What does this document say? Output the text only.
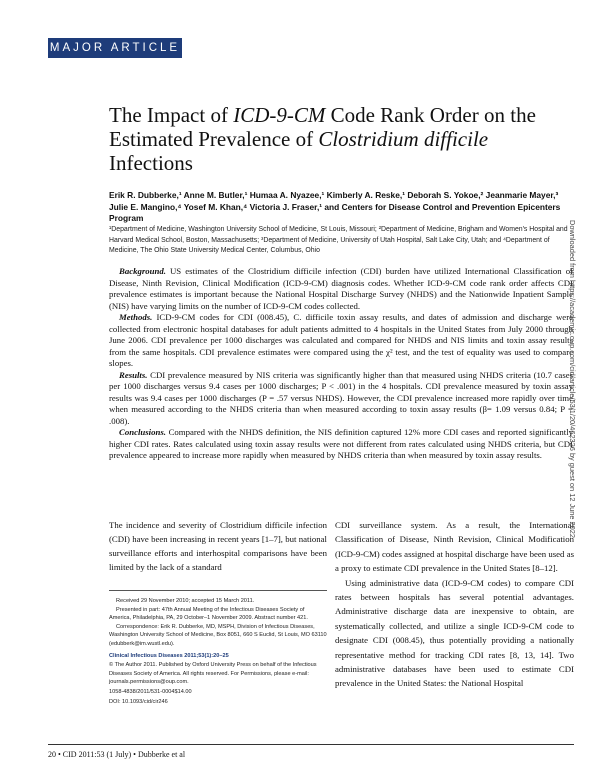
MAJOR ARTICLE
The Impact of ICD-9-CM Code Rank Order on the Estimated Prevalence of Clostridium difficile Infections
Erik R. Dubberke,¹ Anne M. Butler,¹ Humaa A. Nyazee,¹ Kimberly A. Reske,¹ Deborah S. Yokoe,² Jeanmarie Mayer,³ Julie E. Mangino,⁴ Yosef M. Khan,⁴ Victoria J. Fraser,¹ and Centers for Disease Control and Prevention Epicenters Program
¹Department of Medicine, Washington University School of Medicine, St Louis, Missouri; ²Department of Medicine, Brigham and Women's Hospital and Harvard Medical School, Boston, Massachusetts; ³Department of Medicine, University of Utah Hospital, Salt Lake City, Utah; and ⁴Department of Medicine, The Ohio State University Medical Center, Columbus, Ohio

Background. US estimates of the Clostridium difficile infection (CDI) burden have utilized International Classification of Disease, Ninth Revision, Clinical Modification (ICD-9-CM) diagnosis codes. Whether ICD-9-CM code rank order affects CDI prevalence estimates is important because the National Hospital Discharge Survey (NHDS) and the Nationwide Inpatient Sample (NIS) have varying limits on the number of ICD-9-CM codes collected.

Methods. ICD-9-CM codes for CDI (008.45), C. difficile toxin assay results, and dates of admission and discharge were collected from electronic hospital databases for adult patients admitted to 4 hospitals in the United States from July 2000 through June 2006. CDI prevalence per 1000 discharges was calculated and compared for NHDS and NIS limits and toxin assay results from the same hospitals. CDI prevalence estimates were compared using the χ² test, and the test of equality was used to compare slopes.

Results. CDI prevalence measured by NIS criteria was significantly higher than that measured using NHDS criteria (10.7 cases per 1000 discharges versus 9.4 cases per 1000 discharges; P < .001) in the 4 hospitals. CDI prevalence measured by toxin assay results was 9.4 cases per 1000 discharges (P = .57 versus NHDS). However, the CDI prevalence increased more rapidly over time when measured according to the NHDS criteria than when measured according to toxin assay results (β= 1.09 versus 0.84; P = .008).

Conclusions. Compared with the NHDS definition, the NIS definition captured 12% more CDI cases and reported significantly higher CDI rates. Rates calculated using toxin assay results were not different from rates calculated using NHDS criteria, but CDI prevalence appeared to increase more rapidly when measured by NHDS criteria than when measured by toxin assay results.

The incidence and severity of Clostridium difficile infection (CDI) have been increasing in recent years [1–7], but national surveillance efforts and interhospital comparisons have been limited by the lack of a standard

Received 29 November 2010; accepted 15 March 2011.

Presented in part: 47th Annual Meeting of the Infectious Diseases Society of America, Philadelphia, PA, 29 October–1 November 2009. Abstract number 421.

Correspondence: Erik R. Dubberke, MD, MSPH, Division of Infectious Diseases, Washington University School of Medicine, Box 8051, 660 S Euclid, St Louis, MO 63110 (edubberk@im.wustl.edu).

Clinical Infectious Diseases 2011;53(1):20–25

© The Author 2011. Published by Oxford University Press on behalf of the Infectious Diseases Society of America. All rights reserved. For Permissions, please e-mail: journals.permissions@oup.com.

1058-4838/2011/531-0004$14.00

DOI: 10.1093/cid/cir246

CDI surveillance system. As a result, the International Classification of Disease, Ninth Revision, Clinical Modification (ICD-9-CM) codes assigned at hospital discharge have been used as a proxy to estimate CDI prevalence in the United States [8–12].

Using administrative data (ICD-9-CM codes) to compare CDI rates between hospitals has several potential advantages. Administrative discharge data are inexpensive to obtain, are systematically collected, and utilize a single ICD-9-CM code to designate CDI (008.45), thus potentially providing a nationally representative method for tracking CDI rates [8, 13, 14]. Two administrative databases have been used to estimate CDI prevalence in the United States: the National Hospital

20 • CID 2011:53 (1 July) • Dubberke et al
Downloaded from https://academic.oup.com/cid/article/53/1/20/462326 by guest on 12 June 2022
